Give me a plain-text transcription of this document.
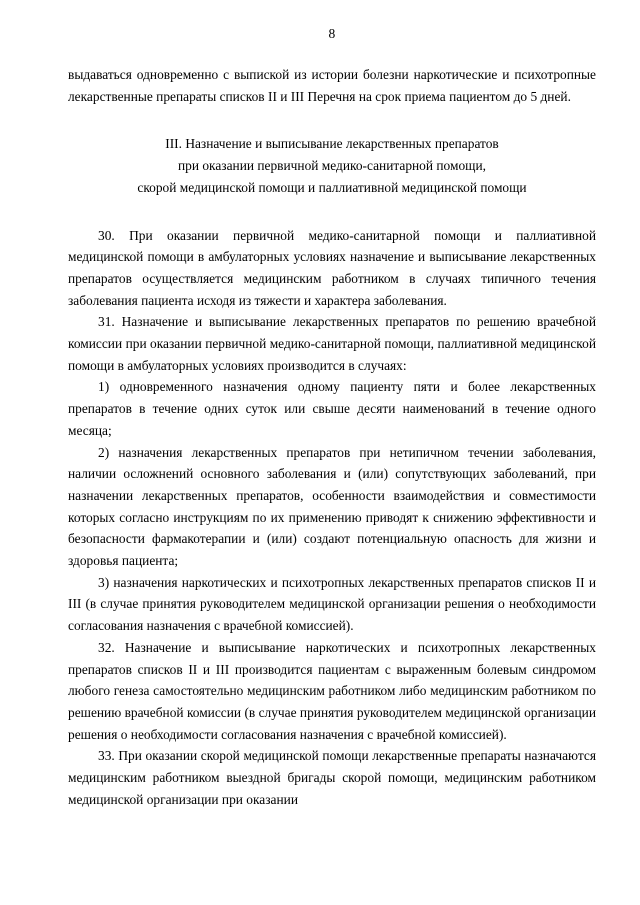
8

выдаваться одновременно с выпиской из истории болезни наркотические и психотропные лекарственные препараты списков II и III Перечня на срок приема пациентом до 5 дней.

III. Назначение и выписывание лекарственных препаратов
при оказании первичной медико-санитарной помощи,
скорой медицинской помощи и паллиативной медицинской помощи

30. При оказании первичной медико-санитарной помощи и паллиативной медицинской помощи в амбулаторных условиях назначение и выписывание лекарственных препаратов осуществляется медицинским работником в случаях типичного течения заболевания пациента исходя из тяжести и характера заболевания.

31. Назначение и выписывание лекарственных препаратов по решению врачебной комиссии при оказании первичной медико-санитарной помощи, паллиативной медицинской помощи в амбулаторных условиях производится в случаях:

1) одновременного назначения одному пациенту пяти и более лекарственных препаратов в течение одних суток или свыше десяти наименований в течение одного месяца;

2) назначения лекарственных препаратов при нетипичном течении заболевания, наличии осложнений основного заболевания и (или) сопутствующих заболеваний, при назначении лекарственных препаратов, особенности взаимодействия и совместимости которых согласно инструкциям по их применению приводят к снижению эффективности и безопасности фармакотерапии и (или) создают потенциальную опасность для жизни и здоровья пациента;

3) назначения наркотических и психотропных лекарственных препаратов списков II и III (в случае принятия руководителем медицинской организации решения о необходимости согласования назначения с врачебной комиссией).

32. Назначение и выписывание наркотических и психотропных лекарственных препаратов списков II и III производится пациентам с выраженным болевым синдромом любого генеза самостоятельно медицинским работником либо медицинским работником по решению врачебной комиссии (в случае принятия руководителем медицинской организации решения о необходимости согласования назначения с врачебной комиссией).

33. При оказании скорой медицинской помощи лекарственные препараты назначаются медицинским работником выездной бригады скорой помощи, медицинским работником медицинской организации при оказании
